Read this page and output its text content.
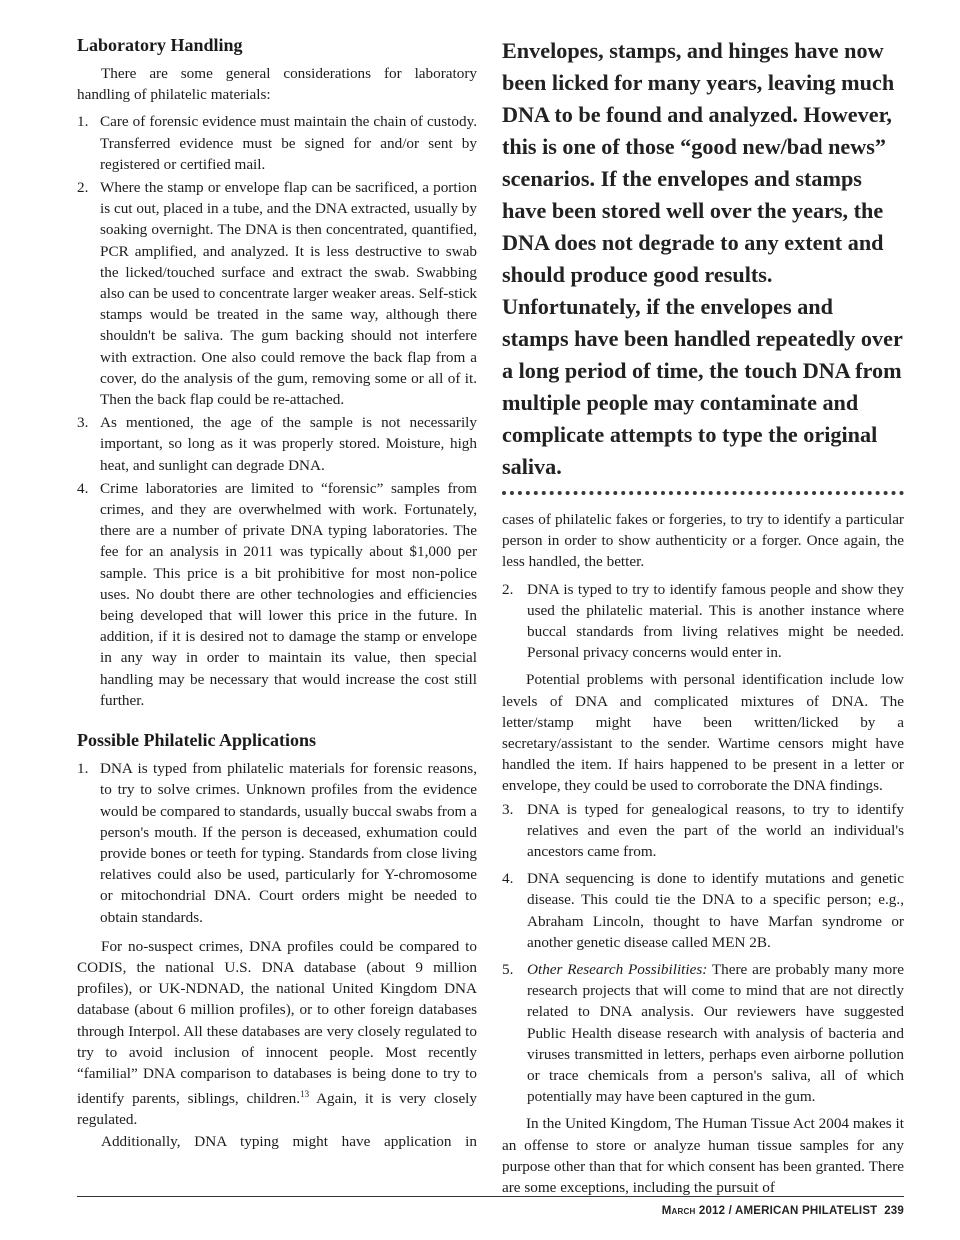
Laboratory Handling

There are some general considerations for laboratory handling of philatelic materials:

1. Care of forensic evidence must maintain the chain of custody. Transferred evidence must be signed for and/or sent by registered or certified mail.
2. Where the stamp or envelope flap can be sacrificed, a portion is cut out, placed in a tube, and the DNA extracted, usually by soaking overnight. The DNA is then concentrated, quantified, PCR amplified, and analyzed. It is less destructive to swab the licked/touched surface and extract the swab. Swabbing also can be used to concentrate larger weaker areas. Self-stick stamps would be treated in the same way, although there shouldn't be saliva. The gum backing should not interfere with extraction. One also could remove the back flap from a cover, do the analysis of the gum, removing some or all of it. Then the back flap could be re-attached.
3. As mentioned, the age of the sample is not necessarily important, so long as it was properly stored. Moisture, high heat, and sunlight can degrade DNA.
4. Crime laboratories are limited to “forensic” samples from crimes, and they are overwhelmed with work. Fortunately, there are a number of private DNA typing laboratories. The fee for an analysis in 2011 was typically about $1,000 per sample. This price is a bit prohibitive for most non-police uses. No doubt there are other technologies and efficiencies being developed that will lower this price in the future. In addition, if it is desired not to damage the stamp or envelope in any way in order to maintain its value, then special handling may be necessary that would increase the cost still further.
Possible Philatelic Applications
1. DNA is typed from philatelic materials for forensic reasons, to try to solve crimes. Unknown profiles from the evidence would be compared to standards, usually buccal swabs from a person's mouth. If the person is deceased, exhumation could provide bones or teeth for typing. Standards from close living relatives could also be used, particularly for Y-chromosome or mitochondrial DNA. Court orders might be needed to obtain standards.

For no-suspect crimes, DNA profiles could be compared to CODIS, the national U.S. DNA database (about 9 million profiles), or UK-NDNAD, the national United Kingdom DNA database (about 6 million profiles), or to other foreign databases through Interpol. All these databases are very closely regulated to try to avoid inclusion of innocent people. Most recently “familial” DNA comparison to databases is being done to try to identify parents, siblings, children.$^{13}$ Again, it is very closely regulated.

Additionally, DNA typing might have application in

Envelopes, stamps, and hinges have now been licked for many years, leaving much DNA to be found and analyzed. However, this is one of those “good new/bad news” scenarios. If the envelopes and stamps have been stored well over the years, the DNA does not degrade to any extent and should produce good results. Unfortunately, if the envelopes and stamps have been handled repeatedly over a long period of time, the touch DNA from multiple people may contaminate and complicate attempts to type the original saliva.

cases of philatelic fakes or forgeries, to try to identify a particular person in order to show authenticity or a forger. Once again, the less handled, the better.

2. DNA is typed to try to identify famous people and show they used the philatelic material. This is another instance where buccal standards from living relatives might be needed. Personal privacy concerns would enter in.

Potential problems with personal identification include low levels of DNA and complicated mixtures of DNA. The letter/stamp might have been written/licked by a secretary/assistant to the sender. Wartime censors might have handled the item. If hairs happened to be present in a letter or envelope, they could be used to corroborate the DNA findings.

3. DNA is typed for genealogical reasons, to try to identify relatives and even the part of the world an individual's ancestors came from.
4. DNA sequencing is done to identify mutations and genetic disease. This could tie the DNA to a specific person; e.g., Abraham Lincoln, thought to have Marfan syndrome or another genetic disease called MEN 2B.
5. Other Research Possibilities: There are probably many more research projects that will come to mind that are not directly related to DNA analysis. Our reviewers have suggested Public Health disease research with analysis of bacteria and viruses transmitted in letters, perhaps even airborne pollution or trace chemicals from a person's saliva, all of which potentially may have been captured in the gum.

In the United Kingdom, The Human Tissue Act 2004 makes it an offense to store or analyze human tissue samples for any purpose other than that for which consent has been granted. There are some exceptions, including the pursuit of

March 2012 / AMERICAN PHILATELIST  239
